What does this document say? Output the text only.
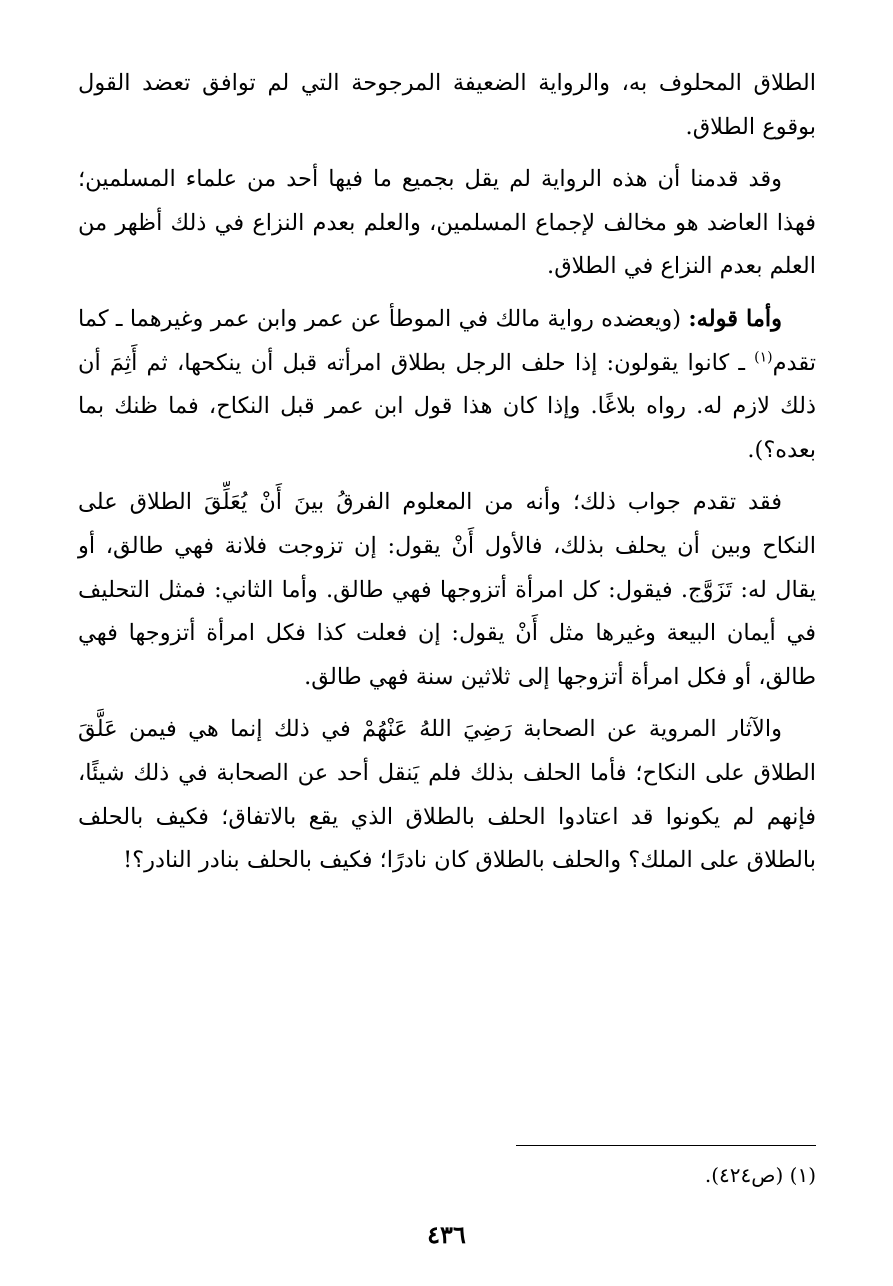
الطلاق المحلوف به، والرواية الضعيفة المرجوحة التي لم توافق تعضد القول بوقوع الطلاق.

وقد قدمنا أن هذه الرواية لم يقل بجميع ما فيها أحد من علماء المسلمين؛ فهذا العاضد هو مخالف لإجماع المسلمين، والعلم بعدم النزاع في ذلك أظهر من العلم بعدم النزاع في الطلاق.

وأما قوله: (ويعضده رواية مالك في الموطأ عن عمر وابن عمر وغيرهما ـ كما تقدم$^{(١)}$ ـ كانوا يقولون: إذا حلف الرجل بطلاق امرأته قبل أن ينكحها، ثم أَثِمَ أن ذلك لازم له. رواه بلاغًا. وإذا كان هذا قول ابن عمر قبل النكاح، فما ظنك بما بعده؟).

فقد تقدم جواب ذلك؛ وأنه من المعلوم الفرقُ بينَ أَنْ يُعَلِّقَ الطلاق على النكاح وبين أن يحلف بذلك، فالأول أَنْ يقول: إن تزوجت فلانة فهي طالق، أو يقال له: تَزَوَّج. فيقول: كل امرأة أتزوجها فهي طالق. وأما الثاني: فمثل التحليف في أيمان البيعة وغيرها مثل أَنْ يقول: إن فعلت كذا فكل امرأة أتزوجها فهي طالق، أو فكل امرأة أتزوجها إلى ثلاثين سنة فهي طالق.

والآثار المروية عن الصحابة رَضِيَ اللهُ عَنْهُمْ في ذلك إنما هي فيمن عَلَّقَ الطلاق على النكاح؛ فأما الحلف بذلك فلم يَنقل أحد عن الصحابة في ذلك شيئًا، فإنهم لم يكونوا قد اعتادوا الحلف بالطلاق الذي يقع بالاتفاق؛ فكيف بالحلف بالطلاق على الملك؟ والحلف بالطلاق كان نادرًا؛ فكيف بالحلف بنادر النادر؟!

(١) (ص٤٢٤).
٤٣٦
